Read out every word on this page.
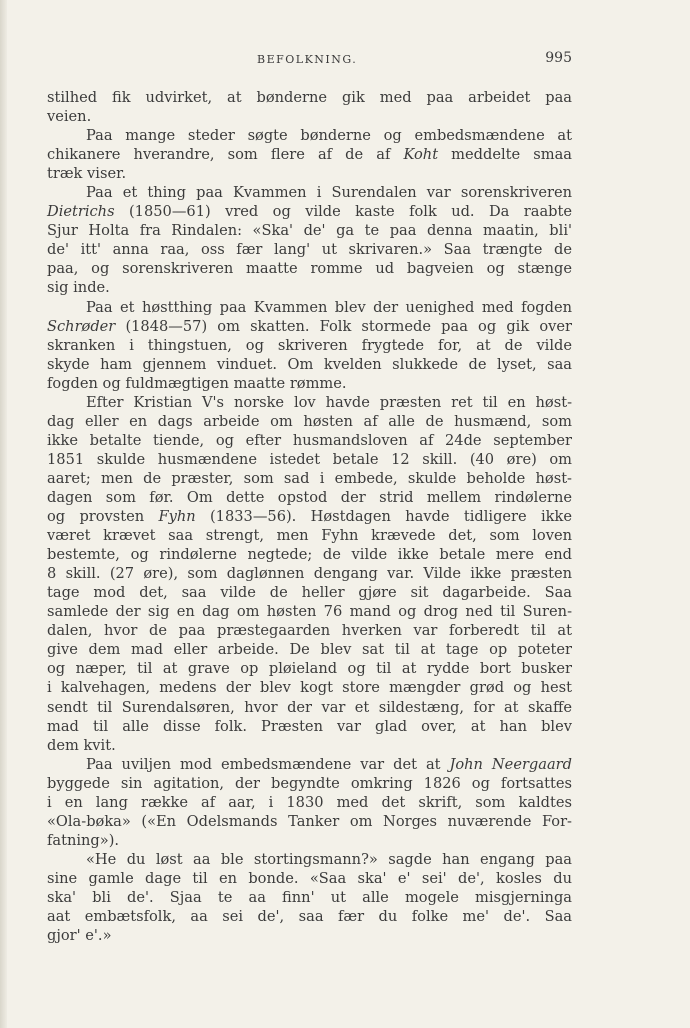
BEFOLKNING.	995
stilhed fik udvirket, at bønderne gik med paa arbeidet paa
veien.
Paa mange steder søgte bønderne og embedsmændene at
chikanere hverandre, som flere af de af Koht meddelte smaa
træk viser.
Paa et thing paa Kvammen i Surendalen var sorenskriveren
Dietrichs (1850—61) vred og vilde kaste folk ud. Da raabte
Sjur Holta fra Rindalen: «Ska' de' ga te paa denna maatin, bli'
de' itt' anna raa, oss fær lang' ut skrivaren.» Saa trængte de
paa, og sorenskriveren maatte romme ud bagveien og stænge
sig inde.
Paa et høstthing paa Kvammen blev der uenighed med fogden
Schrøder (1848—57) om skatten. Folk stormede paa og gik over
skranken i thingstuen, og skriveren frygtede for, at de vilde
skyde ham gjennem vinduet. Om kvelden slukkede de lyset, saa
fogden og fuldmægtigen maatte rømme.
Efter Kristian V's norske lov havde præsten ret til en høst-
dag eller en dags arbeide om høsten af alle de husmænd, som
ikke betalte tiende, og efter husmandsloven af 24de september
1851 skulde husmændene istedet betale 12 skill. (40 øre) om
aaret; men de præster, som sad i embede, skulde beholde høst-
dagen som før. Om dette opstod der strid mellem rindølerne
og provsten Fyhn (1833—56). Høstdagen havde tidligere ikke
været krævet saa strengt, men Fyhn krævede det, som loven
bestemte, og rindølerne negtede; de vilde ikke betale mere end
8 skill. (27 øre), som daglønnen dengang var. Vilde ikke præsten
tage mod det, saa vilde de heller gjøre sit dagarbeide. Saa
samlede der sig en dag om høsten 76 mand og drog ned til Suren-
dalen, hvor de paa præstegaarden hverken var forberedt til at
give dem mad eller arbeide. De blev sat til at tage op poteter
og næper, til at grave op pløieland og til at rydde bort busker
i kalvehagen, medens der blev kogt store mængder grød og hest
sendt til Surendalsøren, hvor der var et sildestæng, for at skaffe
mad til alle disse folk. Præsten var glad over, at han blev
dem kvit.
Paa uviljen mod embedsmændene var det at John Neergaard
byggede sin agitation, der begyndte omkring 1826 og fortsattes
i en lang række af aar, i 1830 med det skrift, som kaldtes
«Ola-bøka» («En Odelsmands Tanker om Norges nuværende For-
fatning»).
«He du løst aa ble stortingsmann?» sagde han engang paa
sine gamle dage til en bonde. «Saa ska' e' sei' de', kosles du
ska' bli de'. Sjaa te aa finn' ut alle mogele misgjerninga
aat embætsfolk, aa sei de', saa fær du folke me' de'. Saa
gjor' e'.»
